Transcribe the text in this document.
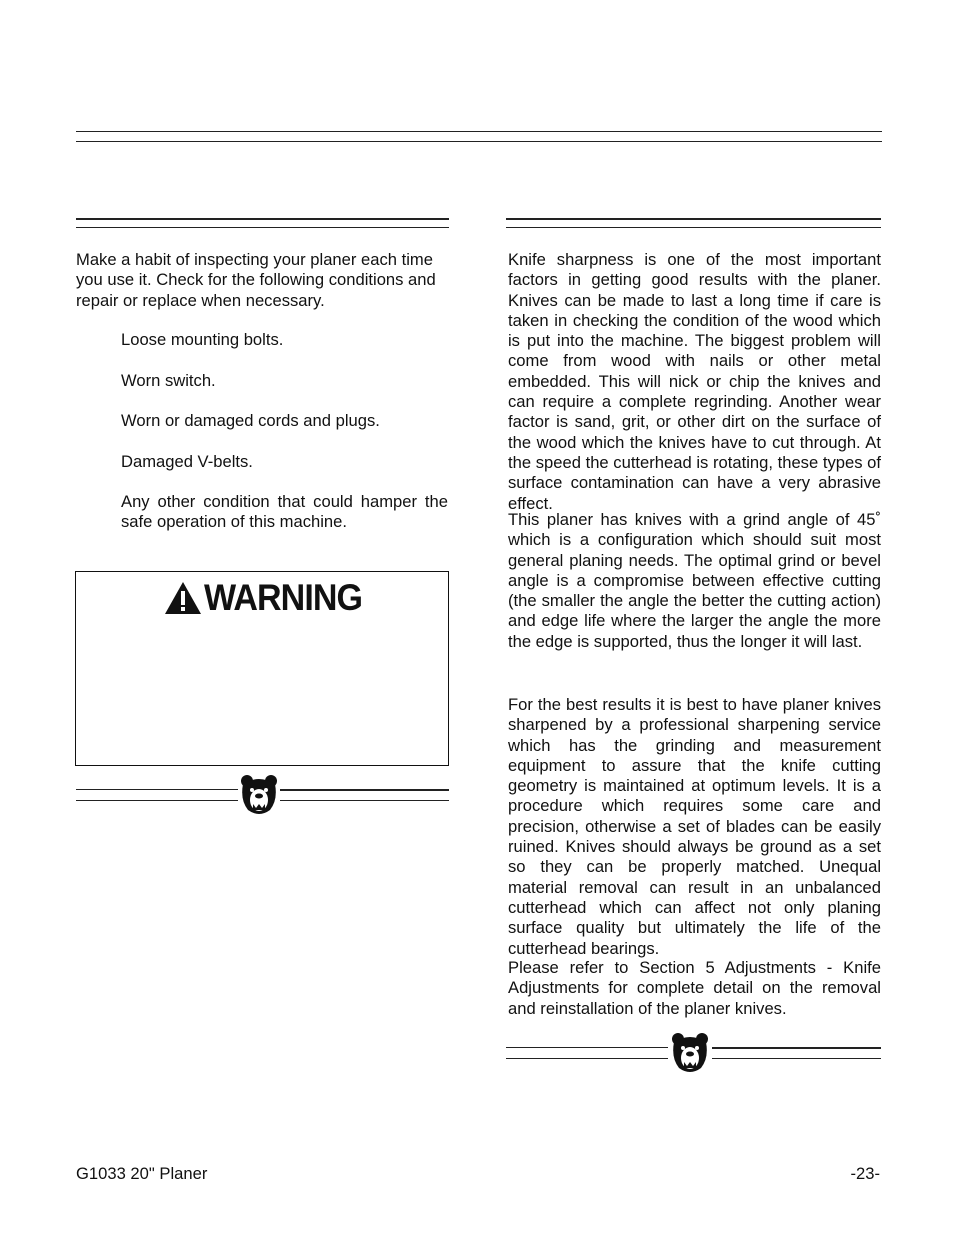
Make a habit of inspecting your planer each time you use it. Check for the following conditions and repair or replace when necessary.

Loose mounting bolts.

Worn switch.

Worn or damaged cords and plugs.

Damaged V-belts.

Any other condition that could hamper the safe operation of this machine.

WARNING

Knife sharpness is one of the most important factors in getting good results with the planer. Knives can be made to last a long time if care is taken in checking the condition of the wood which is put into the machine. The biggest problem will come from wood with nails or other metal embedded. This will nick or chip the knives and can require a complete regrinding. Another wear factor is sand, grit, or other dirt on the surface of the wood which the knives have to cut through. At the speed the cutterhead is rotating, these types of surface contamination can have a very abrasive effect.

This planer has knives with a grind angle of 45˚ which is a configuration which should suit most general planing needs. The optimal grind or bevel angle is a compromise between effective cutting (the smaller the angle the better the cutting action) and edge life where the larger the angle the more the edge is supported, thus the longer it will last.

For the best results it is best to have planer knives sharpened by a professional sharpening service which has the grinding and measurement equipment to assure that the knife cutting geometry is maintained at optimum levels. It is a procedure which requires some care and precision, otherwise a set of blades can be easily ruined. Knives should always be ground as a set so they can be properly matched. Unequal material removal can result in an unbalanced cutterhead which can affect not only planing surface quality but ultimately the life of the cutterhead bearings.

Please refer to Section 5 Adjustments - Knife Adjustments for complete detail on the removal and reinstallation of the planer knives.

G1033 20" Planer	-23-
